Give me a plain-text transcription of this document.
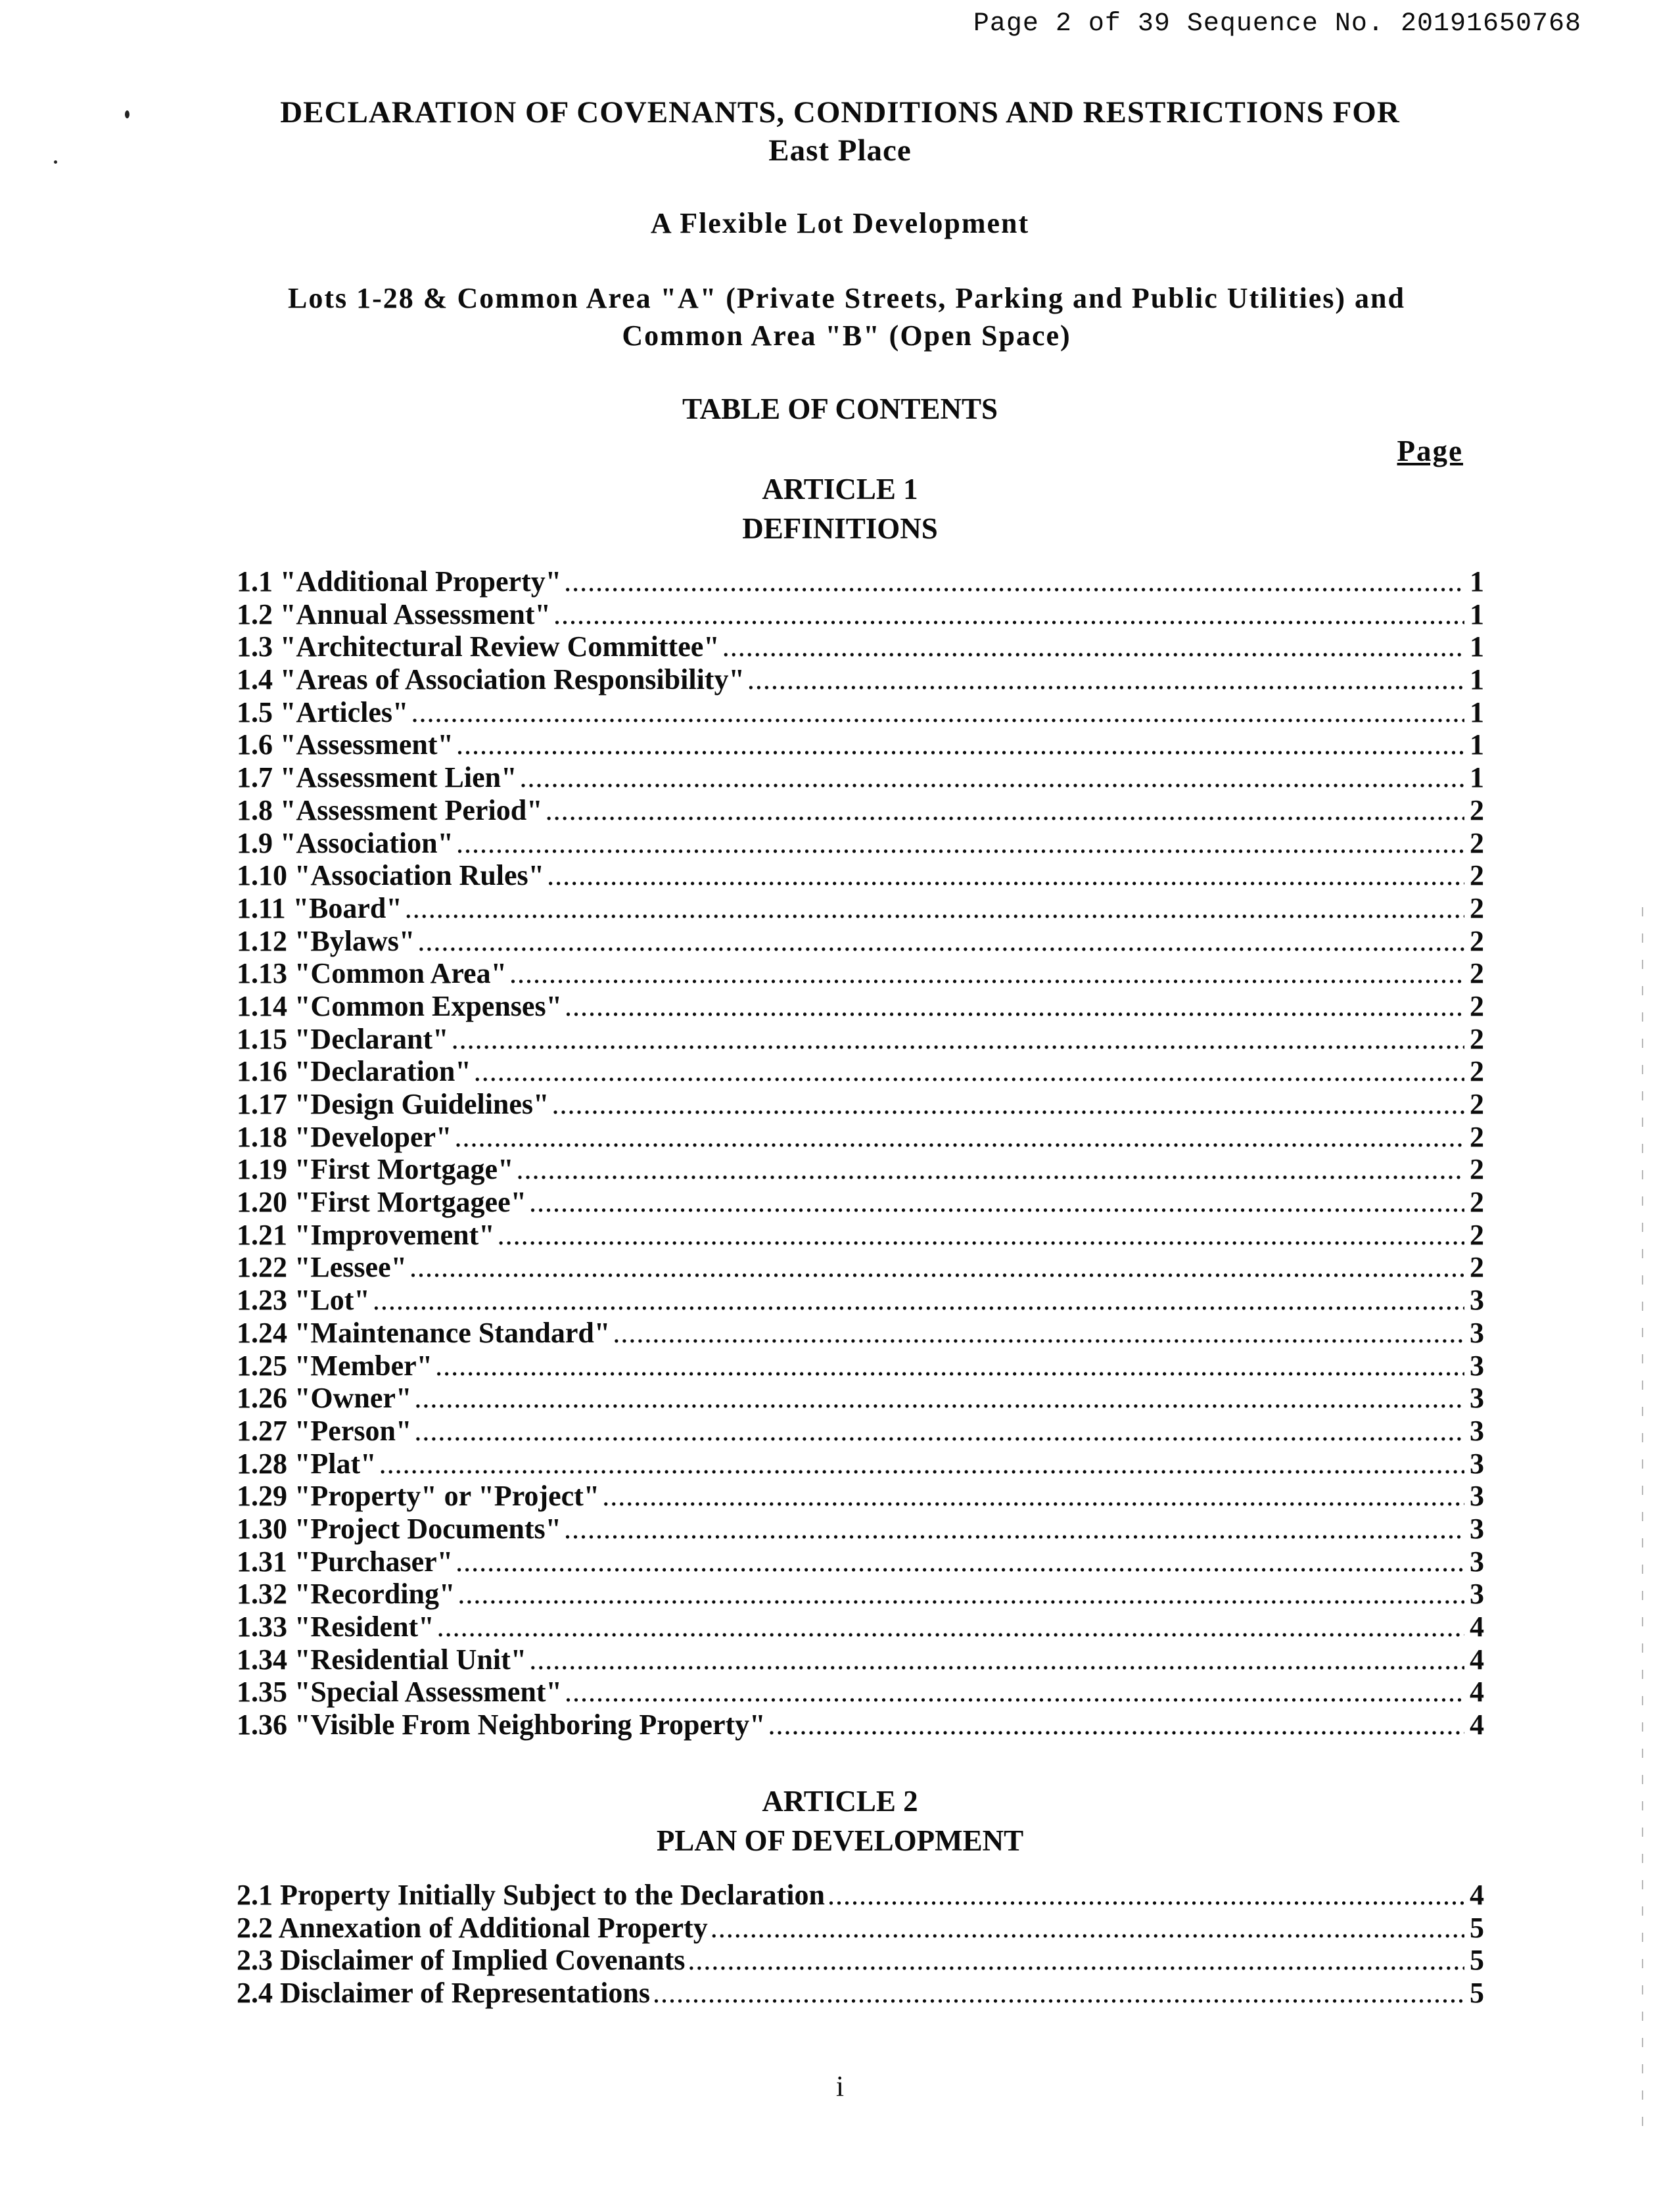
Page 2 of 39 Sequence No. 20191650768
DECLARATION OF COVENANTS, CONDITIONS AND RESTRICTIONS FOR
East Place
A Flexible Lot Development
Lots 1-28 & Common Area "A" (Private Streets, Parking and Public Utilities) and
Common Area "B" (Open Space)
TABLE OF CONTENTS
Page
ARTICLE 1
DEFINITIONS
1.1 "Additional Property" .....	1
1.2 "Annual Assessment" .....	1
1.3 "Architectural Review Committee" .....	1
1.4 "Areas of Association Responsibility" .....	1
1.5 "Articles" .....	1
1.6 "Assessment" .....	1
1.7 "Assessment Lien" .....	1
1.8 "Assessment Period" .....	2
1.9 "Association" .....	2
1.10 "Association Rules" .....	2
1.11 "Board" .....	2
1.12 "Bylaws" .....	2
1.13 "Common Area" .....	2
1.14 "Common Expenses" .....	2
1.15 "Declarant" .....	2
1.16 "Declaration" .....	2
1.17 "Design Guidelines" .....	2
1.18 "Developer" .....	2
1.19 "First Mortgage" .....	2
1.20 "First Mortgagee" .....	2
1.21 "Improvement" .....	2
1.22 "Lessee" .....	2
1.23 "Lot" .....	3
1.24 "Maintenance Standard" .....	3
1.25 "Member" .....	3
1.26 "Owner" .....	3
1.27 "Person" .....	3
1.28 "Plat" .....	3
1.29 "Property" or "Project" .....	3
1.30 "Project Documents" .....	3
1.31 "Purchaser" .....	3
1.32 "Recording" .....	3
1.33 "Resident" .....	4
1.34 "Residential Unit" .....	4
1.35 "Special Assessment" .....	4
1.36 "Visible From Neighboring Property" .....	4
ARTICLE 2
PLAN OF DEVELOPMENT
2.1 Property Initially Subject to the Declaration .....	4
2.2 Annexation of Additional Property .....	5
2.3 Disclaimer of Implied Covenants .....	5
2.4 Disclaimer of Representations .....	5
i
